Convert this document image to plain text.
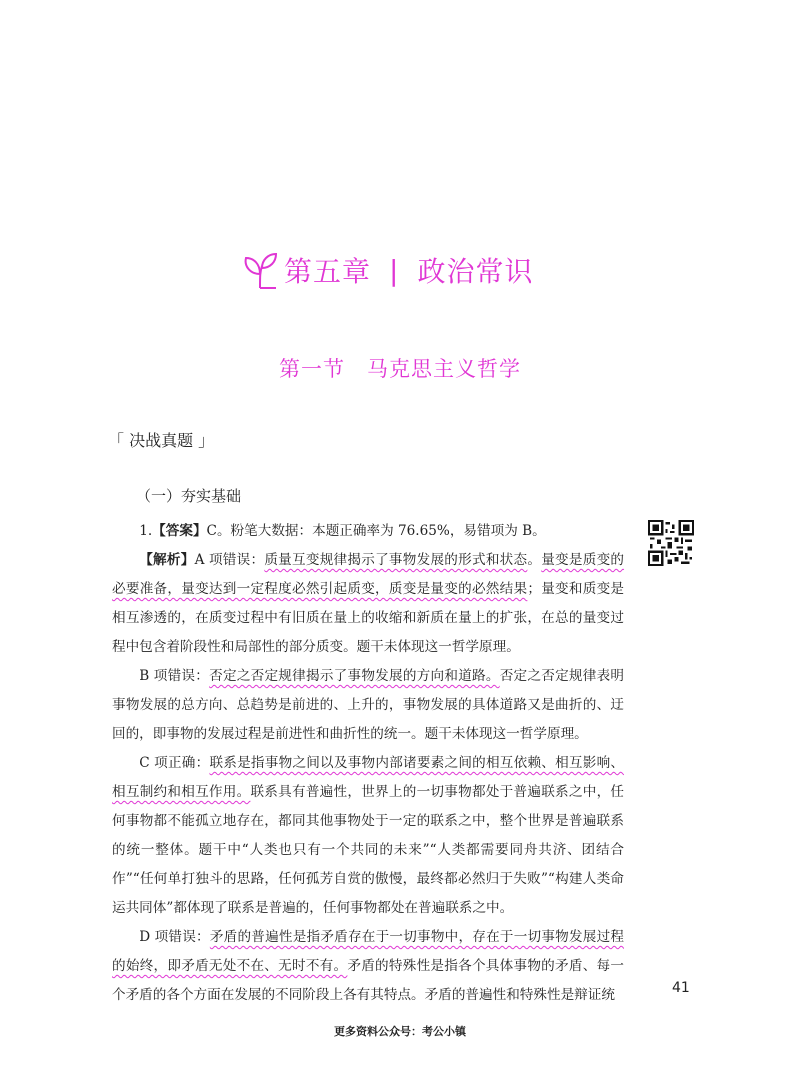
第五章 | 政治常识
第一节 马克思主义哲学
「 决战真题 」
（一）夯实基础

1.【答案】C。粉笔大数据：本题正确率为 76.65%，易错项为 B。

【解析】A 项错误：质量互变规律揭示了事物发展的形式和状态。量变是质变的必要准备，量变达到一定程度必然引起质变，质变是量变的必然结果；量变和质变是相互渗透的，在质变过程中有旧质在量上的收缩和新质在量上的扩张，在总的量变过程中包含着阶段性和局部性的部分质变。题干未体现这一哲学原理。

B 项错误：否定之否定规律揭示了事物发展的方向和道路。否定之否定规律表明事物发展的总方向、总趋势是前进的、上升的，事物发展的具体道路又是曲折的、迂回的，即事物的发展过程是前进性和曲折性的统一。题干未体现这一哲学原理。

C 项正确：联系是指事物之间以及事物内部诸要素之间的相互依赖、相互影响、相互制约和相互作用。联系具有普遍性，世界上的一切事物都处于普遍联系之中，任何事物都不能孤立地存在，都同其他事物处于一定的联系之中，整个世界是普遍联系的统一整体。题干中“人类也只有一个共同的未来”“人类都需要同舟共济、团结合作”“任何单打独斗的思路，任何孤芳自赏的傲慢，最终都必然归于失败”“构建人类命运共同体”都体现了联系是普遍的，任何事物都处在普遍联系之中。

D 项错误：矛盾的普遍性是指矛盾存在于一切事物中，存在于一切事物发展过程的始终，即矛盾无处不在、无时不有。矛盾的特殊性是指各个具体事物的矛盾、每一个矛盾的各个方面在发展的不同阶段上各有其特点。矛盾的普遍性和特殊性是辩证统	41
更多资料公众号：考公小镇
